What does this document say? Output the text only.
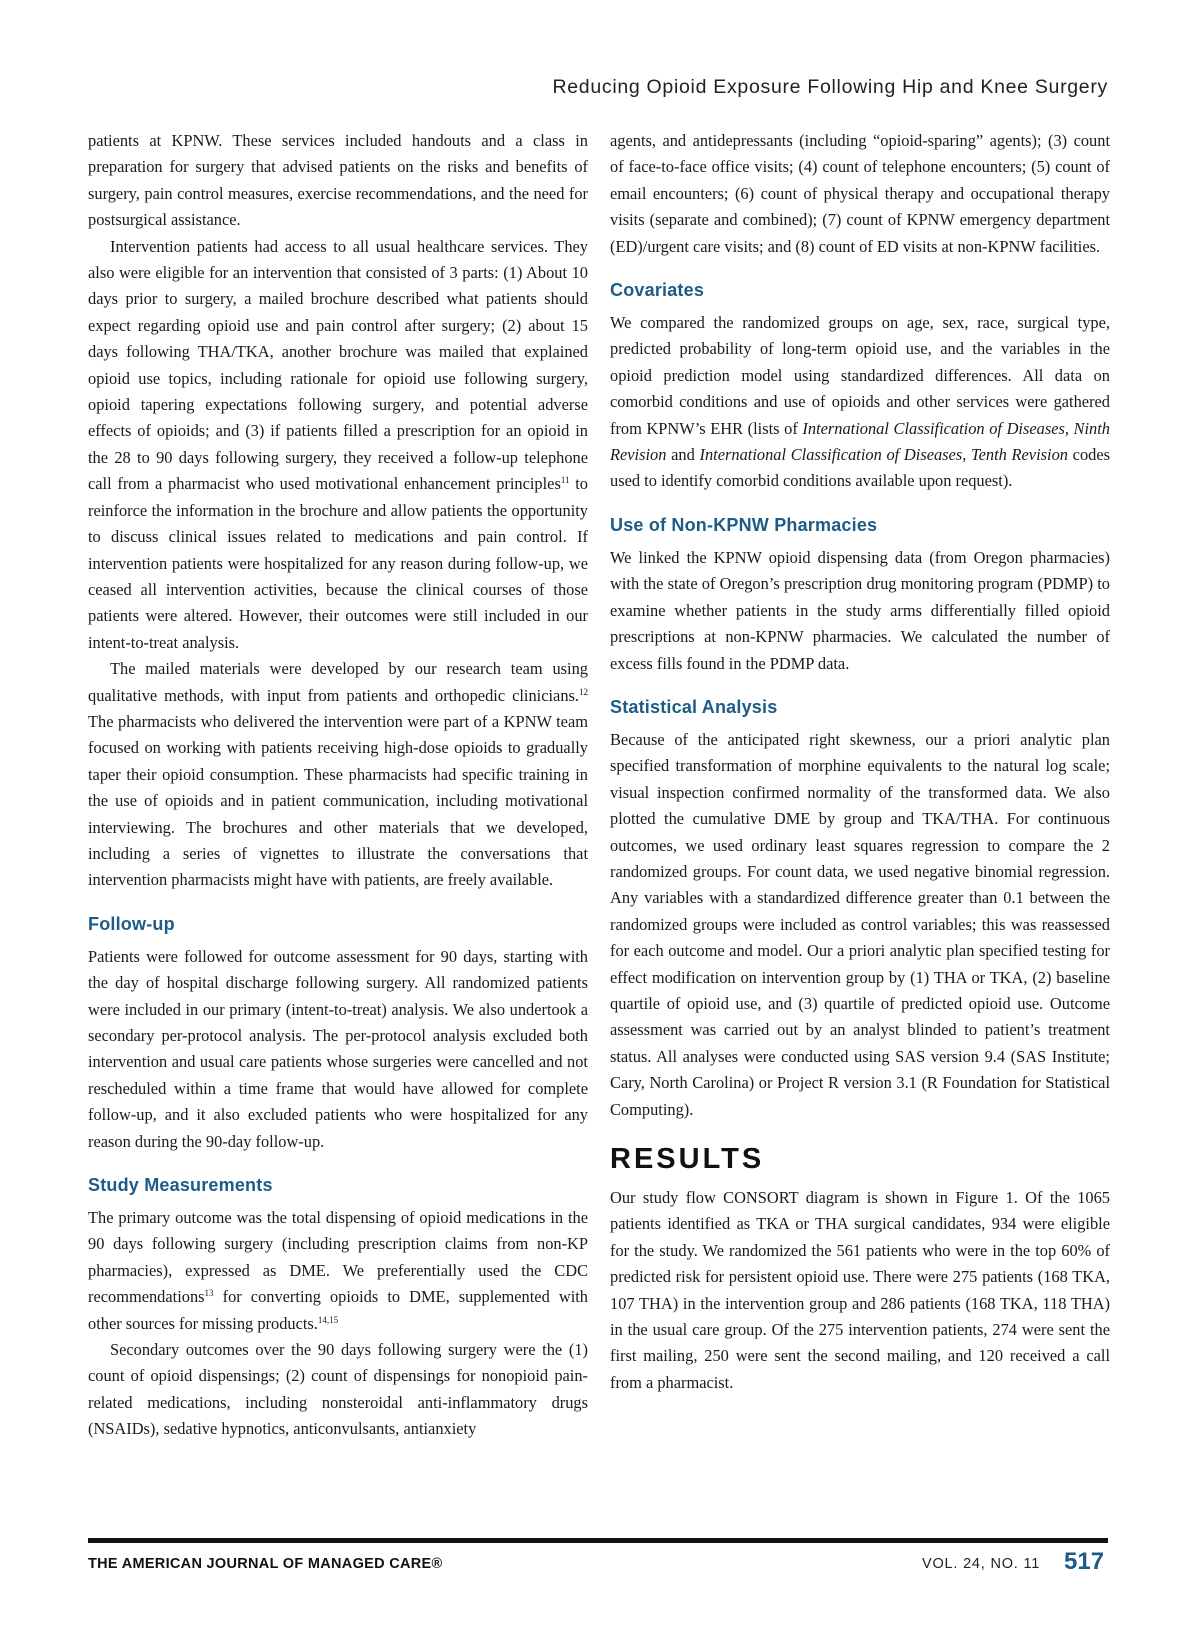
Reducing Opioid Exposure Following Hip and Knee Surgery

patients at KPNW. These services included handouts and a class in preparation for surgery that advised patients on the risks and benefits of surgery, pain control measures, exercise recommendations, and the need for postsurgical assistance.

Intervention patients had access to all usual healthcare services. They also were eligible for an intervention that consisted of 3 parts: (1) About 10 days prior to surgery, a mailed brochure described what patients should expect regarding opioid use and pain control after surgery; (2) about 15 days following THA/TKA, another brochure was mailed that explained opioid use topics, including rationale for opioid use following surgery, opioid tapering expectations following surgery, and potential adverse effects of opioids; and (3) if patients filled a prescription for an opioid in the 28 to 90 days following surgery, they received a follow-up telephone call from a pharmacist who used motivational enhancement principles$^{11}$ to reinforce the information in the brochure and allow patients the opportunity to discuss clinical issues related to medications and pain control. If intervention patients were hospitalized for any reason during follow-up, we ceased all intervention activities, because the clinical courses of those patients were altered. However, their outcomes were still included in our intent-to-treat analysis.

The mailed materials were developed by our research team using qualitative methods, with input from patients and orthopedic clinicians.$^{12}$ The pharmacists who delivered the intervention were part of a KPNW team focused on working with patients receiving high-dose opioids to gradually taper their opioid consumption. These pharmacists had specific training in the use of opioids and in patient communication, including motivational interviewing. The brochures and other materials that we developed, including a series of vignettes to illustrate the conversations that intervention pharmacists might have with patients, are freely available.

Follow-up

Patients were followed for outcome assessment for 90 days, starting with the day of hospital discharge following surgery. All randomized patients were included in our primary (intent-to-treat) analysis. We also undertook a secondary per-protocol analysis. The per-protocol analysis excluded both intervention and usual care patients whose surgeries were cancelled and not rescheduled within a time frame that would have allowed for complete follow-up, and it also excluded patients who were hospitalized for any reason during the 90-day follow-up.

Study Measurements

The primary outcome was the total dispensing of opioid medications in the 90 days following surgery (including prescription claims from non-KP pharmacies), expressed as DME. We preferentially used the CDC recommendations$^{13}$ for converting opioids to DME, supplemented with other sources for missing products.$^{14,15}$

Secondary outcomes over the 90 days following surgery were the (1) count of opioid dispensings; (2) count of dispensings for nonopioid pain-related medications, including nonsteroidal anti-inflammatory drugs (NSAIDs), sedative hypnotics, anticonvulsants, antianxiety

agents, and antidepressants (including “opioid-sparing” agents); (3) count of face-to-face office visits; (4) count of telephone encounters; (5) count of email encounters; (6) count of physical therapy and occupational therapy visits (separate and combined); (7) count of KPNW emergency department (ED)/urgent care visits; and (8) count of ED visits at non-KPNW facilities.

Covariates

We compared the randomized groups on age, sex, race, surgical type, predicted probability of long-term opioid use, and the variables in the opioid prediction model using standardized differences. All data on comorbid conditions and use of opioids and other services were gathered from KPNW’s EHR (lists of International Classification of Diseases, Ninth Revision and International Classification of Diseases, Tenth Revision codes used to identify comorbid conditions available upon request).

Use of Non-KPNW Pharmacies

We linked the KPNW opioid dispensing data (from Oregon pharmacies) with the state of Oregon’s prescription drug monitoring program (PDMP) to examine whether patients in the study arms differentially filled opioid prescriptions at non-KPNW pharmacies. We calculated the number of excess fills found in the PDMP data.

Statistical Analysis

Because of the anticipated right skewness, our a priori analytic plan specified transformation of morphine equivalents to the natural log scale; visual inspection confirmed normality of the transformed data. We also plotted the cumulative DME by group and TKA/THA. For continuous outcomes, we used ordinary least squares regression to compare the 2 randomized groups. For count data, we used negative binomial regression. Any variables with a standardized difference greater than 0.1 between the randomized groups were included as control variables; this was reassessed for each outcome and model. Our a priori analytic plan specified testing for effect modification on intervention group by (1) THA or TKA, (2) baseline quartile of opioid use, and (3) quartile of predicted opioid use. Outcome assessment was carried out by an analyst blinded to patient’s treatment status. All analyses were conducted using SAS version 9.4 (SAS Institute; Cary, North Carolina) or Project R version 3.1 (R Foundation for Statistical Computing).

RESULTS

Our study flow CONSORT diagram is shown in Figure 1. Of the 1065 patients identified as TKA or THA surgical candidates, 934 were eligible for the study. We randomized the 561 patients who were in the top 60% of predicted risk for persistent opioid use. There were 275 patients (168 TKA, 107 THA) in the intervention group and 286 patients (168 TKA, 118 THA) in the usual care group. Of the 275 intervention patients, 274 were sent the first mailing, 250 were sent the second mailing, and 120 received a call from a pharmacist.

THE AMERICAN JOURNAL OF MANAGED CARE®	VOL. 24, NO. 11 517
